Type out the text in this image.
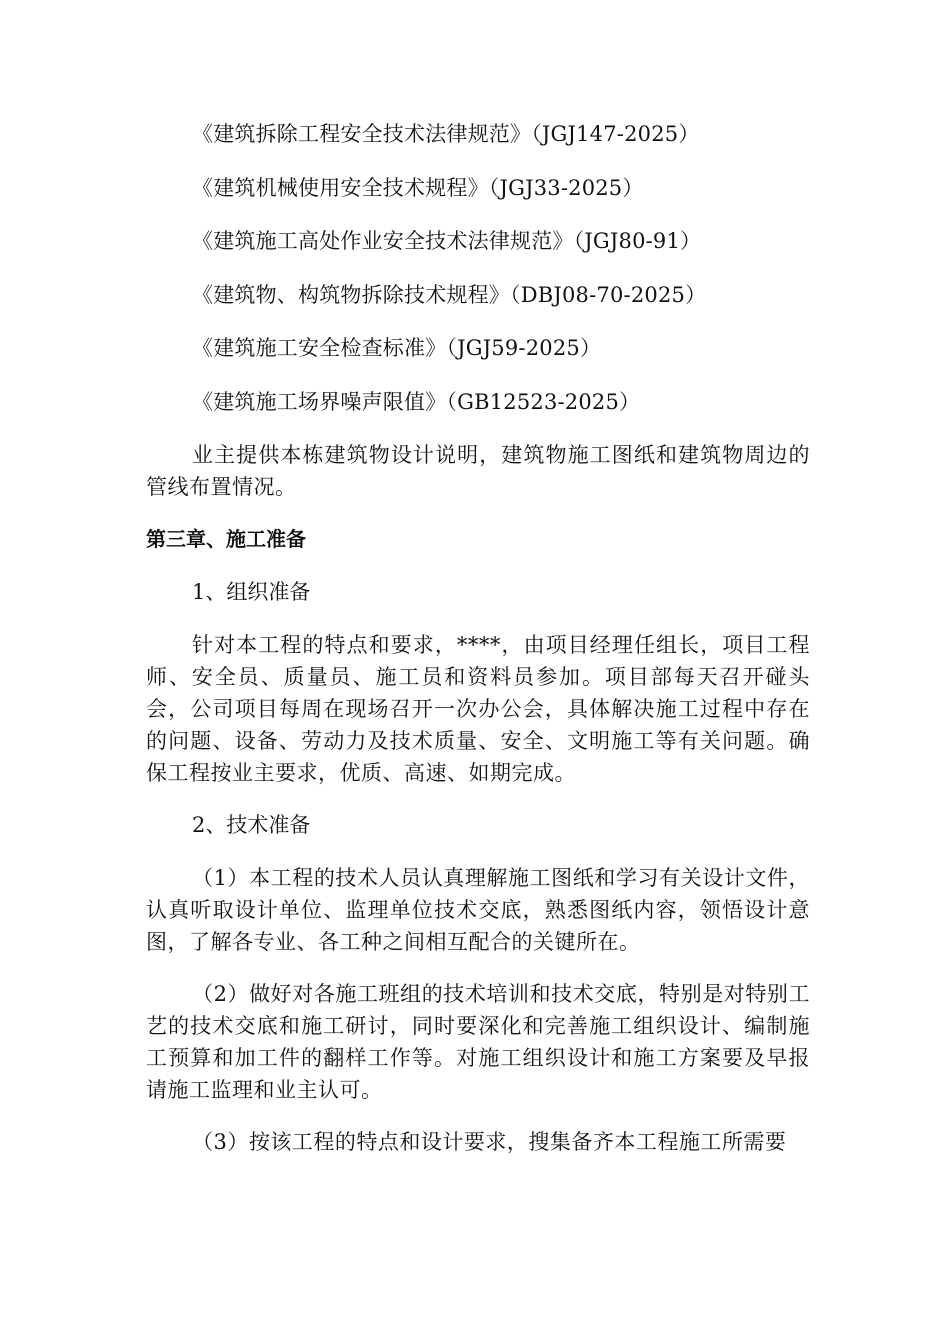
《建筑拆除工程安全技术法律规范》（JGJ147-2025）
《建筑机械使用安全技术规程》（JGJ33-2025）
《建筑施工高处作业安全技术法律规范》（JGJ80-91）
《建筑物、构筑物拆除技术规程》（DBJ08-70-2025）
《建筑施工安全检查标准》（JGJ59-2025）
《建筑施工场界噪声限值》（GB12523-2025）

业主提供本栋建筑物设计说明，建筑物施工图纸和建筑物周边的管线布置情况。

第三章、施工准备
1、组织准备

针对本工程的特点和要求，****，由项目经理任组长，项目工程师、安全员、质量员、施工员和资料员参加。项目部每天召开碰头会，公司项目每周在现场召开一次办公会，具体解决施工过程中存在的问题、设备、劳动力及技术质量、安全、文明施工等有关问题。确保工程按业主要求，优质、高速、如期完成。

2、技术准备

（1）本工程的技术人员认真理解施工图纸和学习有关设计文件，认真听取设计单位、监理单位技术交底，熟悉图纸内容，领悟设计意图，了解各专业、各工种之间相互配合的关键所在。

（2）做好对各施工班组的技术培训和技术交底，特别是对特别工艺的技术交底和施工研讨，同时要深化和完善施工组织设计、编制施工预算和加工件的翻样工作等。对施工组织设计和施工方案要及早报请施工监理和业主认可。

（3）按该工程的特点和设计要求，搜集备齐本工程施工所需要
